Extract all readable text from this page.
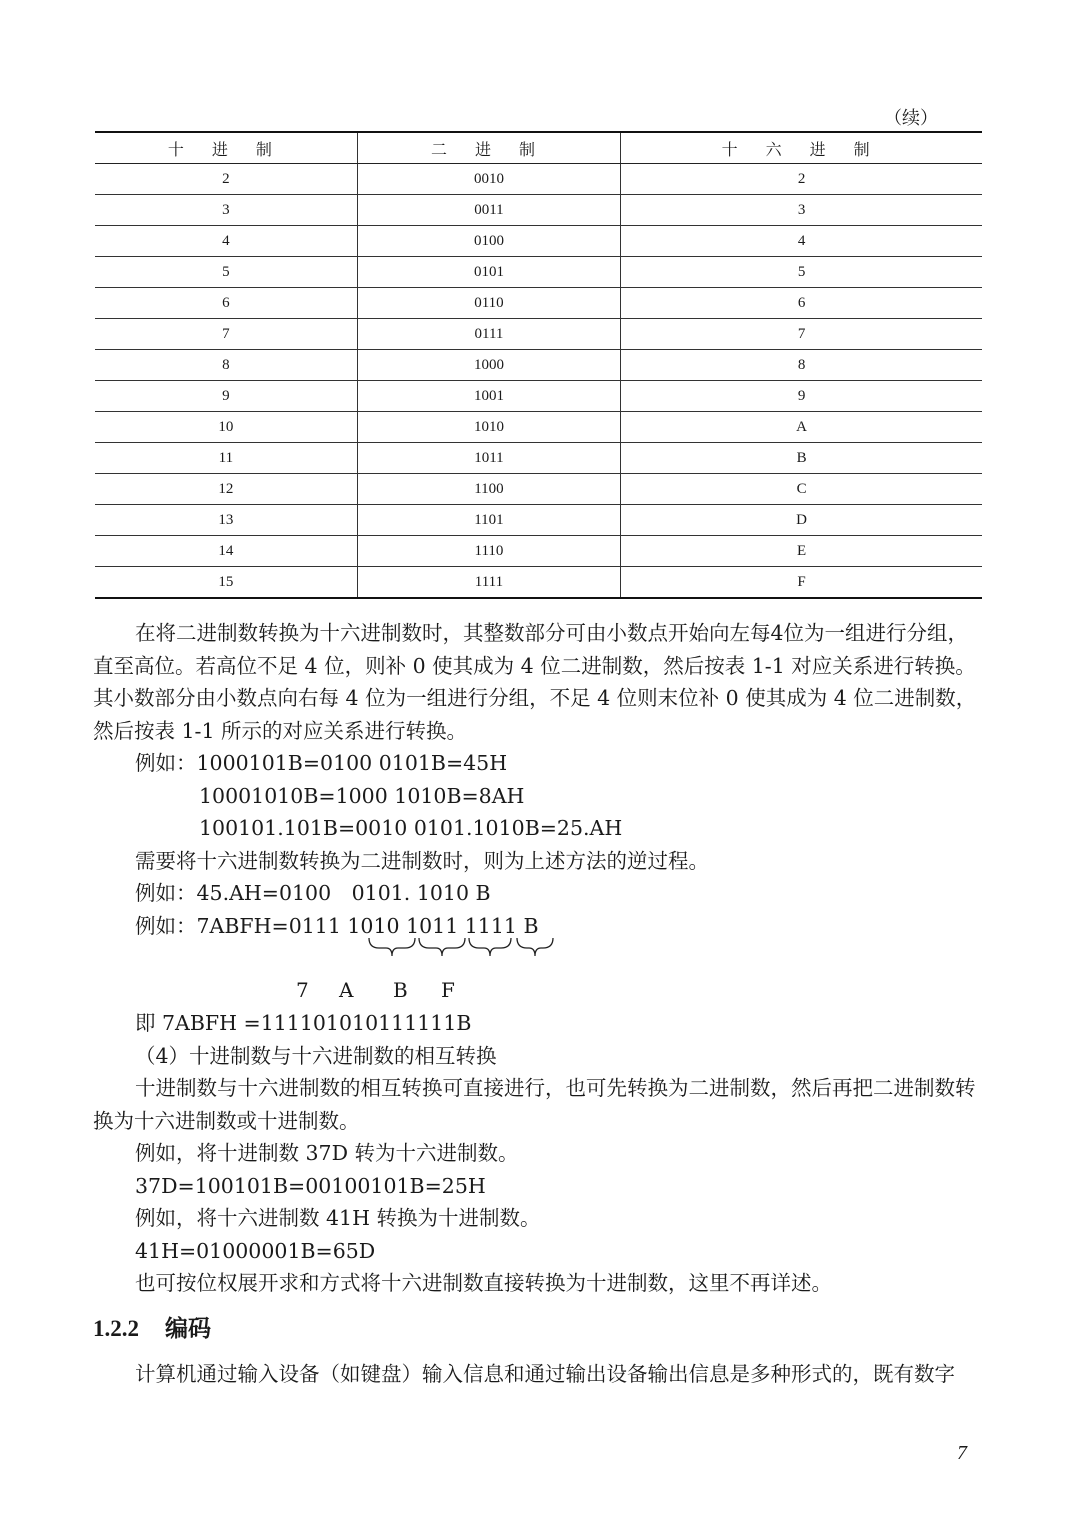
（续）
十 进 制	二 进 制	十 六 进 制
2	0010	2
3	0011	3
4	0100	4
5	0101	5
6	0110	6
7	0111	7
8	1000	8
9	1001	9
10	1010	A
11	1011	B
12	1100	C
13	1101	D
14	1110	E
15	1111	F

在将二进制数转换为十六进制数时，其整数部分可由小数点开始向左每4位为一组进行分组，直至高位。若高位不足 4 位，则补 0 使其成为 4 位二进制数，然后按表 1-1 对应关系进行转换。其小数部分由小数点向右每 4 位为一组进行分组，不足 4 位则末位补 0 使其成为 4 位二进制数，然后按表 1-1 所示的对应关系进行转换。

例如：1000101B=0100 0101B=45H

10001010B=1000 1010B=8AH

100101.101B=0010 0101.1010B=25.AH

需要将十六进制数转换为二进制数时，则为上述方法的逆过程。

例如：45.AH=0100　0101. 1010 B

例如：7ABFH=0111 1010 1011 1111 B

7 A B F

即 7ABFH =111101010111111B

（4）十进制数与十六进制数的相互转换

十进制数与十六进制数的相互转换可直接进行，也可先转换为二进制数，然后再把二进制数转换为十六进制数或十进制数。

例如，将十进制数 37D 转为十六进制数。

37D=100101B=00100101B=25H

例如，将十六进制数 41H 转换为十进制数。

41H=01000001B=65D

也可按位权展开求和方式将十六进制数直接转换为十进制数，这里不再详述。

1.2.2 编码
计算机通过输入设备（如键盘）输入信息和通过输出设备输出信息是多种形式的，既有数字
7
